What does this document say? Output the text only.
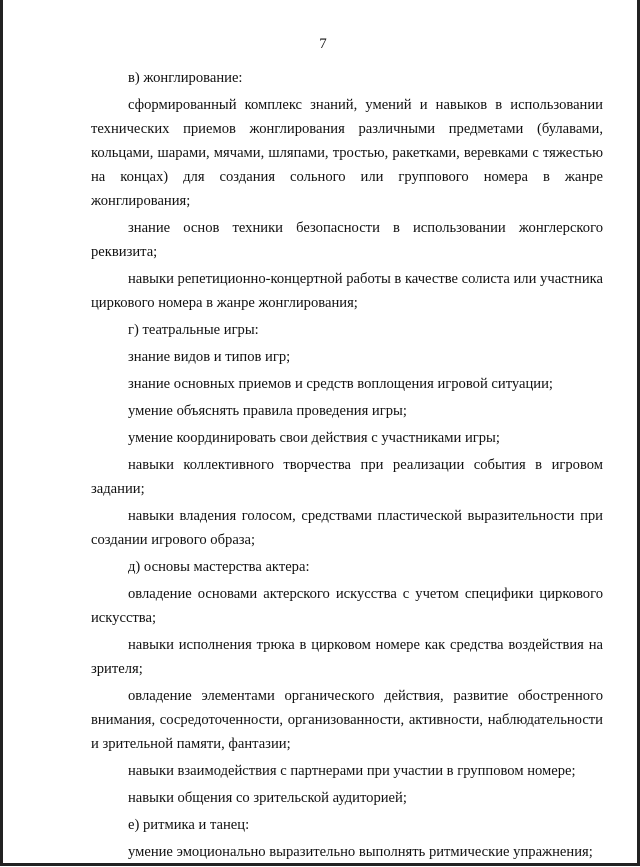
7

в) жонглирование:

сформированный комплекс знаний, умений и навыков в использовании технических приемов жонглирования различными предметами (булавами, кольцами, шарами, мячами, шляпами, тростью, ракетками, веревками с тяжестью на концах) для создания сольного или группового номера в жанре жонглирования;

знание основ техники безопасности в использовании жонглерского реквизита;

навыки репетиционно-концертной работы в качестве солиста или участника циркового номера в жанре жонглирования;

г) театральные игры:

знание видов и типов игр;

знание основных приемов и средств воплощения игровой ситуации;

умение объяснять правила проведения игры;

умение координировать свои действия с участниками игры;

навыки коллективного творчества при реализации события в игровом задании;

навыки владения голосом, средствами пластической выразительности при создании игрового образа;

д) основы мастерства актера:

овладение основами актерского искусства с учетом специфики циркового искусства;

навыки исполнения трюка в цирковом номере как средства воздействия на зрителя;

овладение элементами органического действия, развитие обостренного внимания, сосредоточенности, организованности, активности, наблюдательности и зрительной памяти, фантазии;

навыки взаимодействия с партнерами при участии в групповом номере;

навыки общения со зрительской аудиторией;

е) ритмика и танец:

умение эмоционально выразительно выполнять ритмические упражнения;
